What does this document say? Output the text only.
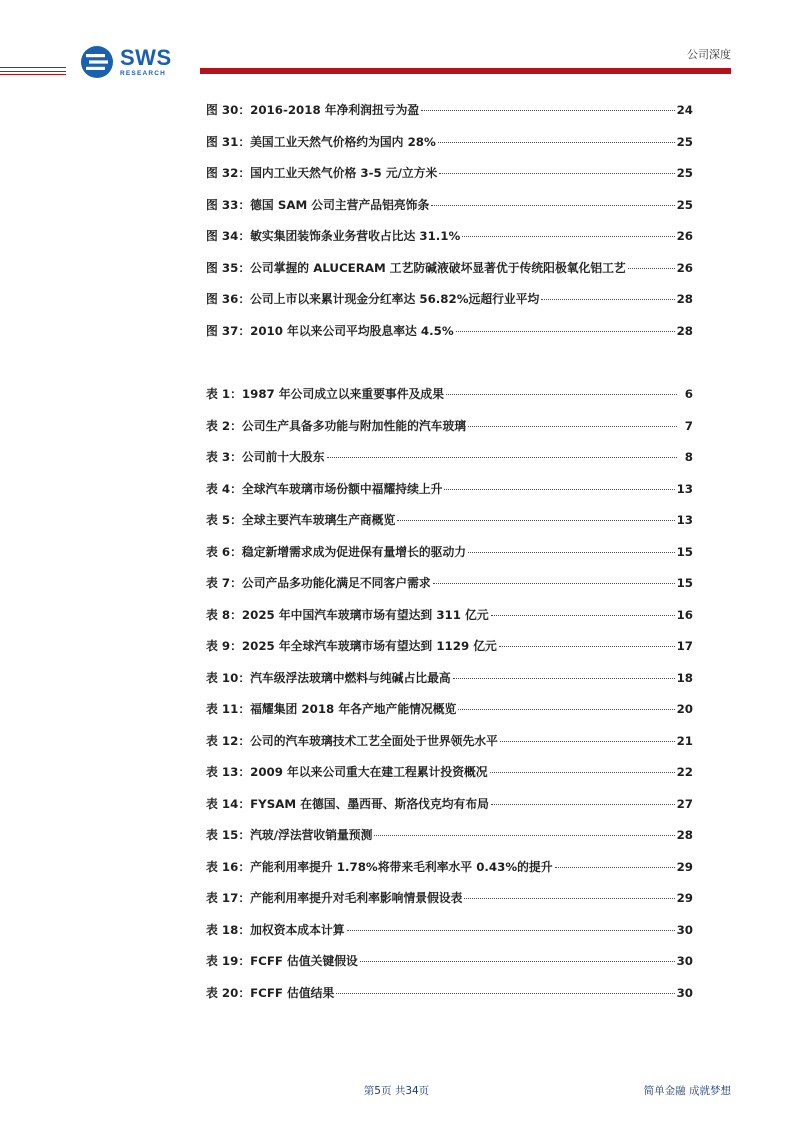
SWS
RESEARCH
公司深度
图 30：2016-2018 年净利润扭亏为盈	24
图 31：美国工业天然气价格约为国内 28%	25
图 32：国内工业天然气价格 3-5 元/立方米	25
图 33：德国 SAM 公司主营产品铝亮饰条	25
图 34：敏实集团装饰条业务营收占比达 31.1%	26
图 35：公司掌握的 ALUCERAM 工艺防碱液破坏显著优于传统阳极氧化铝工艺	26
图 36：公司上市以来累计现金分红率达 56.82%远超行业平均	28
图 37：2010 年以来公司平均股息率达 4.5%	28
表 1：1987 年公司成立以来重要事件及成果	6
表 2：公司生产具备多功能与附加性能的汽车玻璃	7
表 3：公司前十大股东	8
表 4：全球汽车玻璃市场份额中福耀持续上升	13
表 5：全球主要汽车玻璃生产商概览	13
表 6：稳定新增需求成为促进保有量增长的驱动力	15
表 7：公司产品多功能化满足不同客户需求	15
表 8：2025 年中国汽车玻璃市场有望达到 311 亿元	16
表 9：2025 年全球汽车玻璃市场有望达到 1129 亿元	17
表 10：汽车级浮法玻璃中燃料与纯碱占比最高	18
表 11：福耀集团 2018 年各产地产能情况概览	20
表 12：公司的汽车玻璃技术工艺全面处于世界领先水平	21
表 13：2009 年以来公司重大在建工程累计投资概况	22
表 14：FYSAM 在德国、墨西哥、斯洛伐克均有布局	27
表 15：汽玻/浮法营收销量预测	28
表 16：产能利用率提升 1.78%将带来毛利率水平 0.43%的提升	29
表 17：产能利用率提升对毛利率影响情景假设表	29
表 18：加权资本成本计算	30
表 19：FCFF 估值关键假设	30
表 20：FCFF 估值结果	30
第5页 共34页	简单金融 成就梦想
